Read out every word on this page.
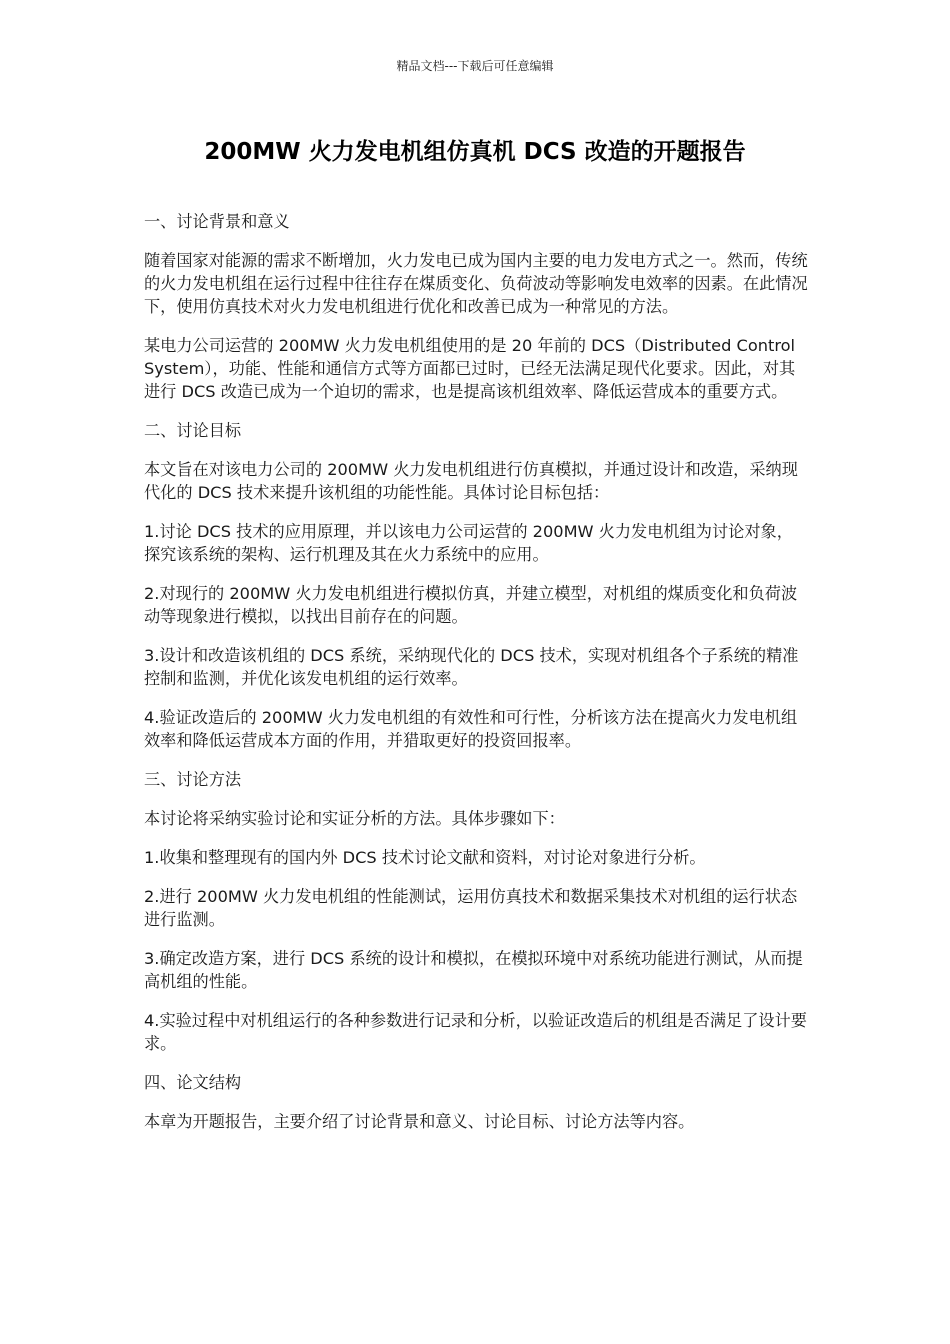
精品文档---下载后可任意编辑
200MW 火力发电机组仿真机 DCS 改造的开题报告

一、讨论背景和意义

随着国家对能源的需求不断增加，火力发电已成为国内主要的电力发电方式之一。然而，传统的火力发电机组在运行过程中往往存在煤质变化、负荷波动等影响发电效率的因素。在此情况下，使用仿真技术对火力发电机组进行优化和改善已成为一种常见的方法。

某电力公司运营的 200MW 火力发电机组使用的是 20 年前的 DCS（Distributed Control System），功能、性能和通信方式等方面都已过时，已经无法满足现代化要求。因此，对其进行 DCS 改造已成为一个迫切的需求，也是提高该机组效率、降低运营成本的重要方式。

二、讨论目标

本文旨在对该电力公司的 200MW 火力发电机组进行仿真模拟，并通过设计和改造，采纳现代化的 DCS 技术来提升该机组的功能性能。具体讨论目标包括：

1.讨论 DCS 技术的应用原理，并以该电力公司运营的 200MW 火力发电机组为讨论对象，探究该系统的架构、运行机理及其在火力系统中的应用。

2.对现行的 200MW 火力发电机组进行模拟仿真，并建立模型，对机组的煤质变化和负荷波动等现象进行模拟，以找出目前存在的问题。

3.设计和改造该机组的 DCS 系统，采纳现代化的 DCS 技术，实现对机组各个子系统的精准控制和监测，并优化该发电机组的运行效率。

4.验证改造后的 200MW 火力发电机组的有效性和可行性，分析该方法在提高火力发电机组效率和降低运营成本方面的作用，并猎取更好的投资回报率。

三、讨论方法

本讨论将采纳实验讨论和实证分析的方法。具体步骤如下：

1.收集和整理现有的国内外 DCS 技术讨论文献和资料，对讨论对象进行分析。

2.进行 200MW 火力发电机组的性能测试，运用仿真技术和数据采集技术对机组的运行状态进行监测。

3.确定改造方案，进行 DCS 系统的设计和模拟，在模拟环境中对系统功能进行测试，从而提高机组的性能。

4.实验过程中对机组运行的各种参数进行记录和分析，以验证改造后的机组是否满足了设计要求。

四、论文结构

本章为开题报告，主要介绍了讨论背景和意义、讨论目标、讨论方法等内容。
